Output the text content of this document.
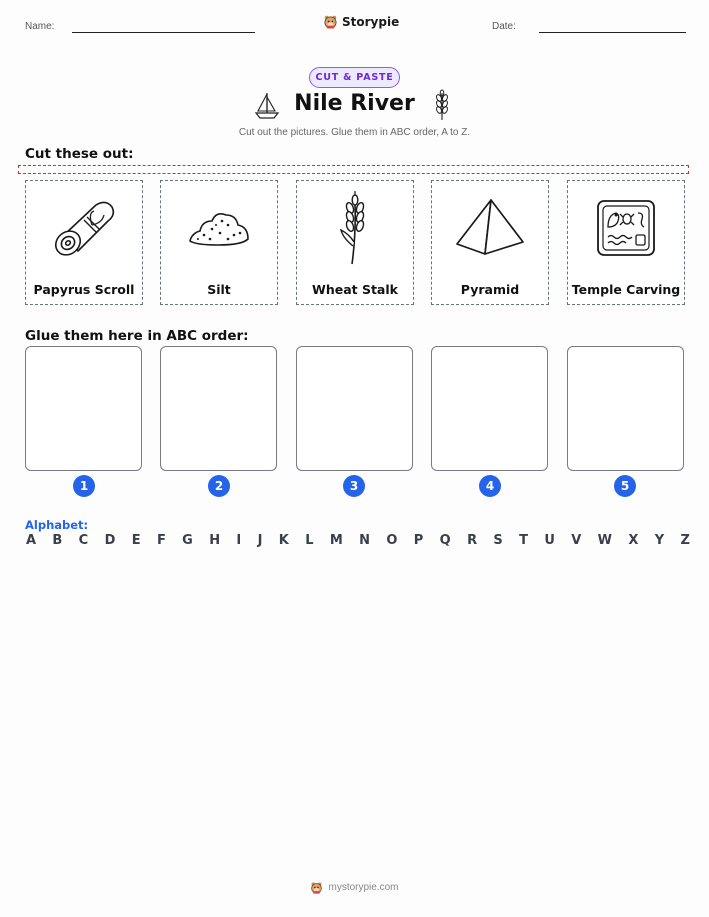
Name:	Storypie	Date:
CUT & PASTE
Nile River
Cut out the pictures. Glue them in ABC order, A to Z.
Cut these out:
Papyrus Scroll	Silt	Wheat Stalk	Pyramid	Temple Carving
Glue them here in ABC order:
1	2	3	4	5
Alphabet:
A B C D E F G H I J K L M N O P Q R S T U V W X Y Z
mystorypie.com
